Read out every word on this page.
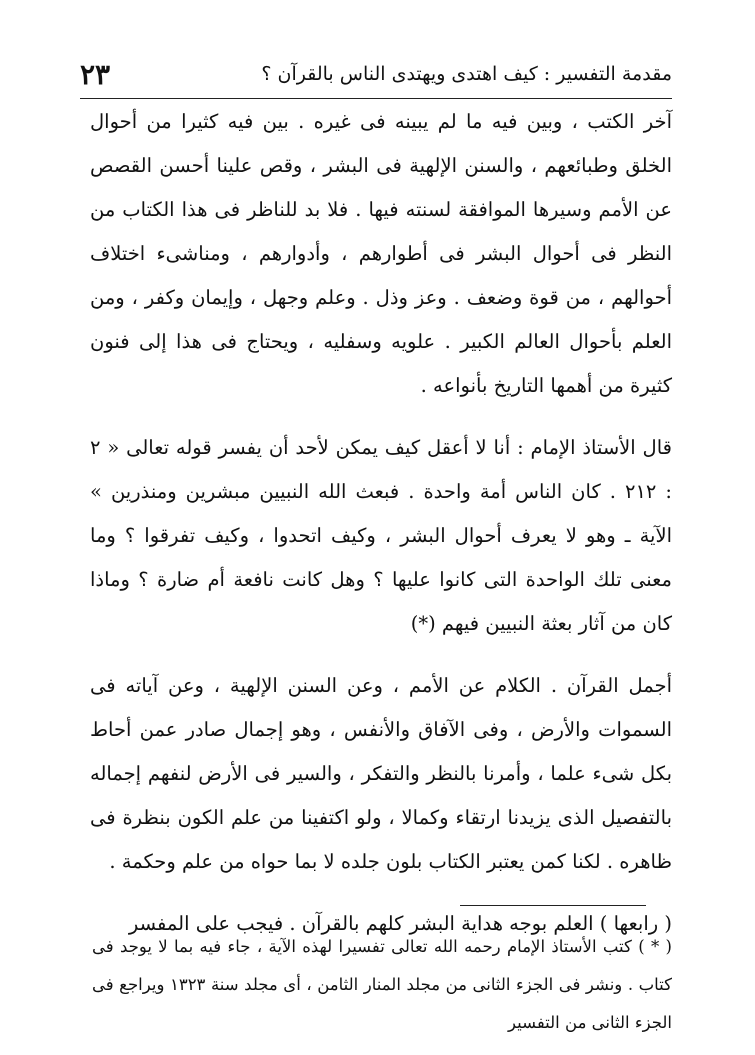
مقدمة التفسير : كيف اهتدى ويهتدى الناس بالقرآن ؟
٢٣

آخر الكتب ، وبين فيه ما لم يبينه فى غيره . بين فيه كثيرا من أحوال الخلق وطبائعهم ، والسنن الإلهية فى البشر ، وقص علينا أحسن القصص عن الأمم وسيرها الموافقة لسنته فيها . فلا بد للناظر فى هذا الكتاب من النظر فى أحوال البشر فى أطوارهم ، وأدوارهم ، ومناشىء اختلاف أحوالهم ، من قوة وضعف . وعز وذل . وعلم وجهل ، وإيمان وكفر ، ومن العلم بأحوال العالم الكبير . علويه وسفليه ، ويحتاج فى هذا إلى فنون كثيرة من أهمها التاريخ بأنواعه .

قال الأستاذ الإمام : أنا لا أعقل كيف يمكن لأحد أن يفسر قوله تعالى « ٢ : ٢١٢ . كان الناس أمة واحدة . فبعث الله النبيين مبشرين ومنذرين » الآية ـ وهو لا يعرف أحوال البشر ، وكيف اتحدوا ، وكيف تفرقوا ؟ وما معنى تلك الواحدة التى كانوا عليها ؟ وهل كانت نافعة أم ضارة ؟ وماذا كان من آثار بعثة النبيين فيهم (*)

أجمل القرآن . الكلام عن الأمم ، وعن السنن الإلهية ، وعن آياته فى السموات والأرض ، وفى الآفاق والأنفس ، وهو إجمال صادر عمن أحاط بكل شىء علما ، وأمرنا بالنظر والتفكر ، والسير فى الأرض لنفهم إجماله بالتفصيل الذى يزيدنا ارتقاء وكمالا ، ولو اكتفينا من علم الكون بنظرة فى ظاهره . لكنا كمن يعتبر الكتاب بلون جلده لا بما حواه من علم وحكمة .

( رابعها ) العلم بوجه هداية البشر كلهم بالقرآن . فيجب على المفسر

( * ) كتب الأستاذ الإمام رحمه الله تعالى تفسيرا لهذه الآية ، جاء فيه بما لا يوجد فى كتاب . ونشر فى الجزء الثانى من مجلد المنار الثامن ، أى مجلد سنة ١٣٢٣ ويراجع فى الجزء الثانى من التفسير
